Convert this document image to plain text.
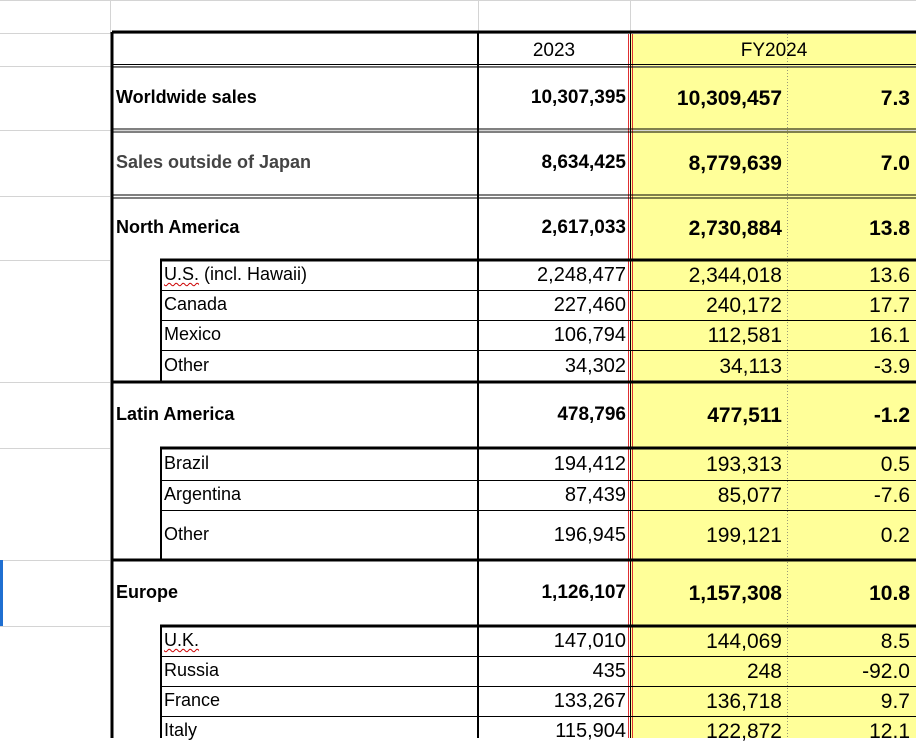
2023	FY2024
Worldwide sales	10,307,395	10,309,457	7.3
Sales outside of Japan	8,634,425	8,779,639	7.0
North America	2,617,033	2,730,884	13.8
U.S. (incl. Hawaii)	2,248,477	2,344,018	13.6
Canada	227,460	240,172	17.7
Mexico	106,794	112,581	16.1
Other	34,302	34,113	-3.9
Latin America	478,796	477,511	-1.2
Brazil	194,412	193,313	0.5
Argentina	87,439	85,077	-7.6
Other	196,945	199,121	0.2
Europe	1,126,107	1,157,308	10.8
U.K.	147,010	144,069	8.5
Russia	435	248	-92.0
France	133,267	136,718	9.7
Italy	115,904	122,872	12.1
